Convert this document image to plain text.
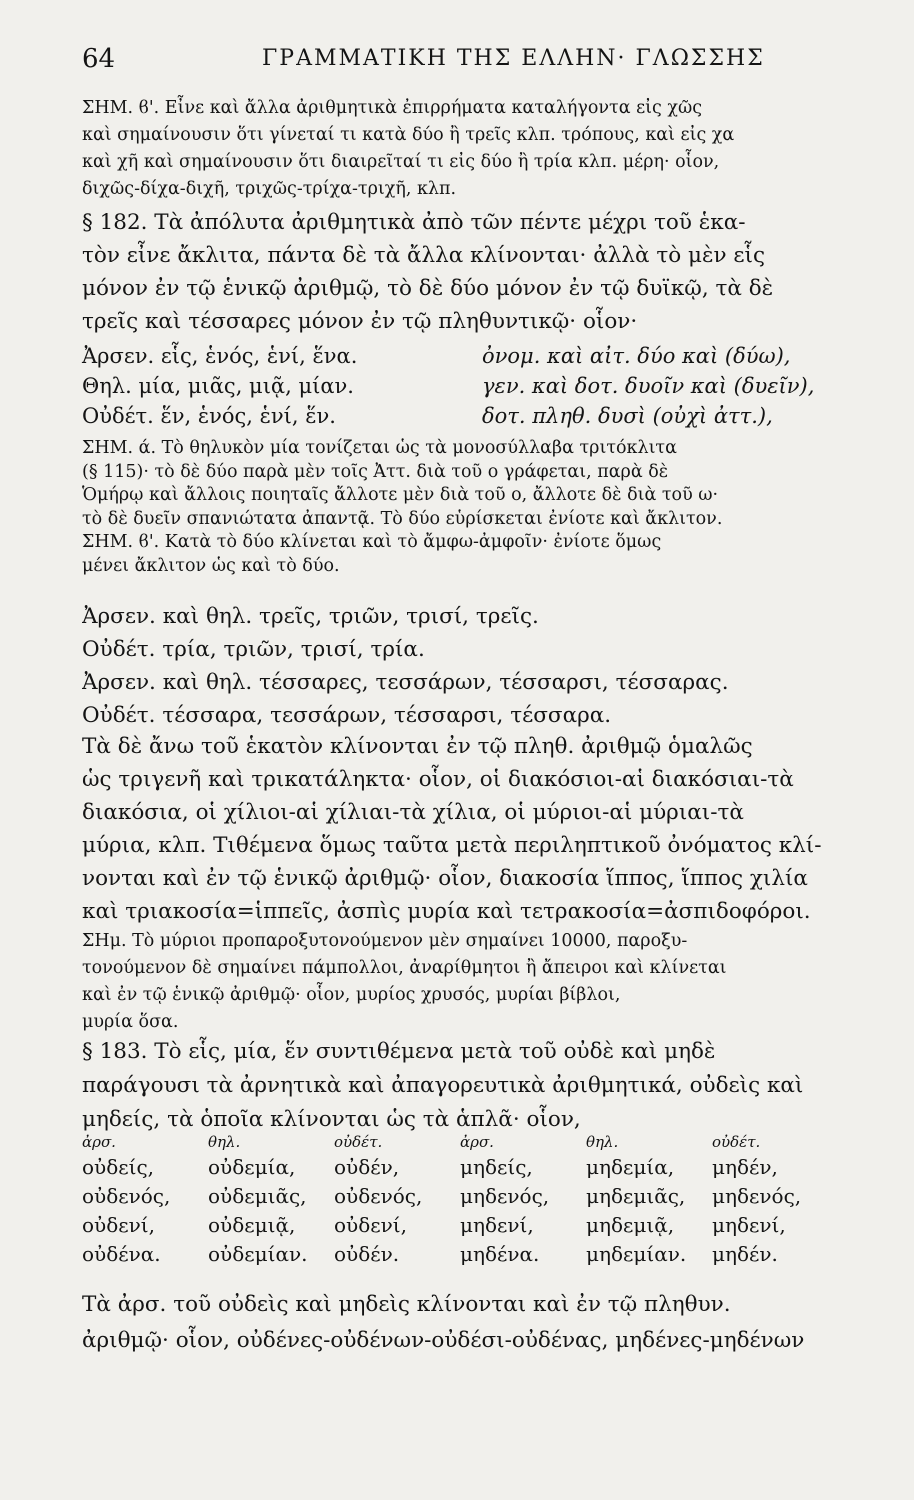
64	ΓΡΑΜΜΑΤΙΚΗ ΤΗΣ ΕΛΛΗΝ· ΓΛΩΣΣΗΣ

ΣΗΜ. ϐ'. Εἶνε καὶ ἄλλα ἀριθμητικὰ ἐπιρρήματα καταλήγοντα εἰς χῶς

καὶ σημαίνουσιν ὅτι γίνεταί τι κατὰ δύο ἢ τρεῖς κλπ. τρόπους, καὶ εἰς χα

καὶ χῆ καὶ σημαίνουσιν ὅτι διαιρεῖταί τι εἰς δύο ἢ τρία κλπ. μέρη· οἷον,

διχῶς-δίχα-διχῆ, τριχῶς-τρίχα-τριχῆ, κλπ.

§ 182. Τὰ ἀπόλυτα ἀριθμητικὰ ἀπὸ τῶν πέντε μέχρι τοῦ ἑκα-

τὸν εἶνε ἄκλιτα, πάντα δὲ τὰ ἄλλα κλίνονται· ἀλλὰ τὸ μὲν εἷς

μόνον ἐν τῷ ἑνικῷ ἀριθμῷ, τὸ δὲ δύο μόνον ἐν τῷ δυϊκῷ, τὰ δὲ

τρεῖς καὶ τέσσαρες μόνον ἐν τῷ πληθυντικῷ· οἷον·

Ἀρσεν. εἷς, ἑνός, ἑνί, ἕνα.	ὀνομ. καὶ αἰτ. δύο καὶ (δύω),
Θηλ. μία, μιᾶς, μιᾷ, μίαν.	γεν. καὶ δοτ. δυοῖν καὶ (δυεῖν),
Οὐδέτ. ἕν, ἑνός, ἑνί, ἕν.	δοτ. πληθ. δυσὶ (οὐχὶ ἀττ.),

ΣΗΜ. ά. Τὸ θηλυκὸν μία τονίζεται ὡς τὰ μονοσύλλαβα τριτόκλιτα

(§ 115)· τὸ δὲ δύο παρὰ μὲν τοῖς Ἀττ. διὰ τοῦ ο γράφεται, παρὰ δὲ

Ὁμήρῳ καὶ ἄλλοις ποιηταῖς ἄλλοτε μὲν διὰ τοῦ ο, ἄλλοτε δὲ διὰ τοῦ ω·

τὸ δὲ δυεῖν σπανιώτατα ἀπαντᾷ. Τὸ δύο εὑρίσκεται ἐνίοτε καὶ ἄκλιτον.

ΣΗΜ. ϐ'. Κατὰ τὸ δύο κλίνεται καὶ τὸ ἄμφω-ἀμφοῖν· ἐνίοτε ὅμως

μένει ἄκλιτον ὡς καὶ τὸ δύο.

Ἀρσεν. καὶ θηλ. τρεῖς, τριῶν, τρισί, τρεῖς.

Οὐδέτ. τρία, τριῶν, τρισί, τρία.

Ἀρσεν. καὶ θηλ. τέσσαρες, τεσσάρων, τέσσαρσι, τέσσαρας.

Οὐδέτ. τέσσαρα, τεσσάρων, τέσσαρσι, τέσσαρα.

Τὰ δὲ ἄνω τοῦ ἑκατὸν κλίνονται ἐν τῷ πληθ. ἀριθμῷ ὁμαλῶς

ὡς τριγενῆ καὶ τρικατάληκτα· οἷον, οἱ διακόσιοι-αἱ διακόσιαι-τὰ

διακόσια, οἱ χίλιοι-αἱ χίλιαι-τὰ χίλια, οἱ μύριοι-αἱ μύριαι-τὰ

μύρια, κλπ. Τιθέμενα ὅμως ταῦτα μετὰ περιληπτικοῦ ὀνόματος κλί-

νονται καὶ ἐν τῷ ἑνικῷ ἀριθμῷ· οἷον, διακοσία ἵππος, ἵππος χιλία

καὶ τριακοσία=ἱππεῖς, ἀσπὶς μυρία καὶ τετρακοσία=ἀσπιδοφόροι.

ΣΗμ. Τὸ μύριοι προπαροξυτονούμενον μὲν σημαίνει 10000, παροξυ-

τονούμενον δὲ σημαίνει πάμπολλοι, ἀναρίθμητοι ἢ ἄπειροι καὶ κλίνεται

καὶ ἐν τῷ ἑνικῷ ἀριθμῷ· οἷον, μυρίος χρυσός, μυρίαι βίβλοι,

μυρία ὅσα.

§ 183. Τὸ εἷς, μία, ἕν συντιθέμενα μετὰ τοῦ οὐδὲ καὶ μηδὲ

παράγουσι τὰ ἀρνητικὰ καὶ ἀπαγορευτικὰ ἀριθμητικά, οὐδεὶς καὶ

μηδείς, τὰ ὁποῖα κλίνονται ὡς τὰ ἁπλᾶ· οἷον,

ἀρσ.	θηλ.	οὐδέτ.	ἀρσ.	θηλ.	οὐδέτ.
οὐδείς,	οὐδεμία,	οὐδέν,	μηδείς,	μηδεμία,	μηδέν,
οὐδενός,	οὐδεμιᾶς,	οὐδενός,	μηδενός,	μηδεμιᾶς,	μηδενός,
οὐδενί,	οὐδεμιᾷ,	οὐδενί,	μηδενί,	μηδεμιᾷ,	μηδενί,
οὐδένα.	οὐδεμίαν.	οὐδέν.	μηδένα.	μηδεμίαν.	μηδέν.

Τὰ ἀρσ. τοῦ οὐδεὶς καὶ μηδεὶς κλίνονται καὶ ἐν τῷ πληθυν.

ἀριθμῷ· οἷον, οὐδένες-οὐδένων-οὐδέσι-οὐδένας, μηδένες-μηδένων
